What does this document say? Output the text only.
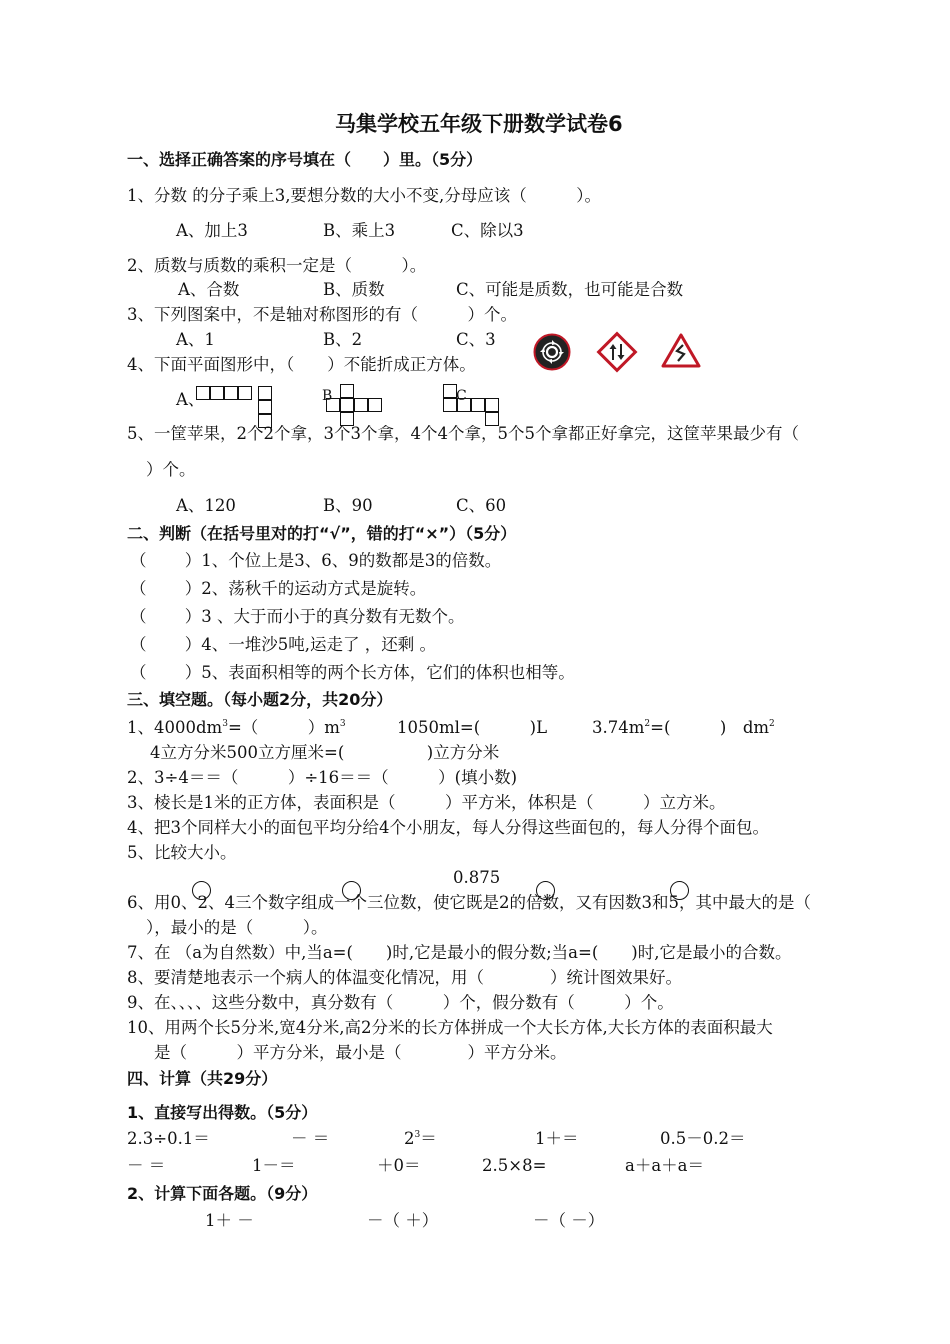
马集学校五年级下册数学试卷6
一、选择正确答案的序号填在（　　）里。（5分）
1、分数 的分子乘上3,要想分数的大小不变,分母应该（　　　）。
A、加上3	B、乘上3	C、除以3
2、质数与质数的乘积一定是（　　　）。
A、合数	B、质数	C、可能是质数，也可能是合数
3、下列图案中，不是轴对称图形的有（　　　）个。
A、1	B、2	C、3
4、下面平面图形中，（　　）不能折成正方体。
A、	B	C
5、一筐苹果，2个2个拿，3个3个拿，4个4个拿，5个5个拿都正好拿完，这筐苹果最少有（
）个。
A、120	B、90	C、60
二、判断（在括号里对的打“√”，错的打“×”）（5分）
（　　 ）1、个位上是3、6、9的数都是3的倍数。
（　　 ）2、荡秋千的运动方式是旋转。
（　　 ）3 、大于而小于的真分数有无数个。
（　　 ）4、一堆沙5吨,运走了 ，还剩 。
（　　 ）5、表面积相等的两个长方体，它们的体积也相等。
三、填空题。（每小题2分，共20分）
1、$4000dm^3=$（　　　）$m^3$	1050ml=(　　　)L	$3.74m^2=$(　　　)　$dm^2$
4立方分米500立方厘米=(　　　　　)立方分米
2、3÷4＝＝（　　　）÷16＝＝（　　　）(填小数)
3、棱长是1米的正方体，表面积是（　　　）平方米，体积是（　　　）立方米。
4、把3个同样大小的面包平均分给4个小朋友，每人分得这些面包的，每人分得个面包。
5、比较大小。
0.875
6、用0、2、4三个数字组成一个三位数，使它既是2的倍数，又有因数3和5，其中最大的是（
），最小的是（　　　）。
7、在 （a为自然数）中,当a=(　　)时,它是最小的假分数;当a=(　　)时,它是最小的合数。
8、要清楚地表示一个病人的体温变化情况，用（　　　　）统计图效果好。
9、在、、、、这些分数中，真分数有（　　　）个，假分数有（　　　）个。
10、用两个长5分米,宽4分米,高2分米的长方体拼成一个大长方体,大长方体的表面积最大
是（　　　）平方分米，最小是（　　　　）平方分米。
四、计算（共29分）
1、直接写出得数。（5分）
2.3÷0.1＝	－ ＝	$2^3=$	1＋＝	0.5－0.2＝
－ ＝	1－＝	＋0＝	2.5×8=	a＋a＋a＝
2、计算下面各题。（9分）
1＋ －	－（ ＋）	－（ －）
